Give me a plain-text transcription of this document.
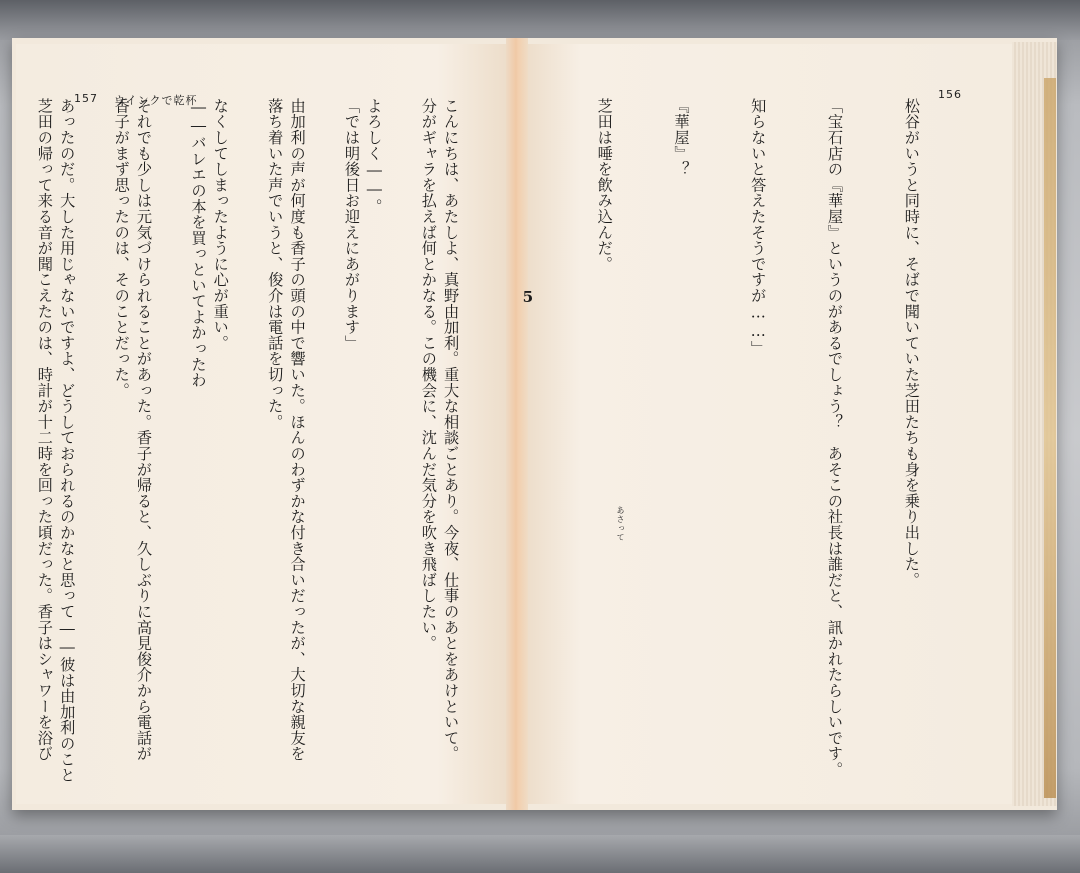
157 ウインクで乾杯	156

分がギャラを払えば何とかなる。この機会に、沈んだ気分を吹き飛ばしたい。

「では明後日お迎えにあがります」

落ち着いた声でいうと、俊介は電話を切った。

――バレエの本を買っといてよかったわ

香子がまず思ったのは、そのことだった。

芝田の帰って来る音が聞こえたのは、時計が十二時を回った頃だった。香子はシャワーを浴び

	松谷がいうと同時に、そばで聞いていた芝田たちも身を乗り出した。

「宝石店の『華屋』というのがあるでしょう？　あそこの社長は誰だと、訊かれたらしいです。

知らないと答えたそうですが……」

『華屋』？

芝田は唾を飲み込んだ。

5

こんにちは、あたしよ、真野由加利。重大な相談ごとあり。今夜、仕事のあとをあけといて。

よろしく――。

由加利の声が何度も香子の頭の中で響いた。ほんのわずかな付き合いだったが、大切な親友を

なくしてしまったように心が重い。

それでも少しは元気づけられることがあった。香子が帰ると、久しぶりに高見俊介から電話が

あったのだ。大した用じゃないですよ、どうしておられるのかなと思って――彼は由加利のこと

	あさって
